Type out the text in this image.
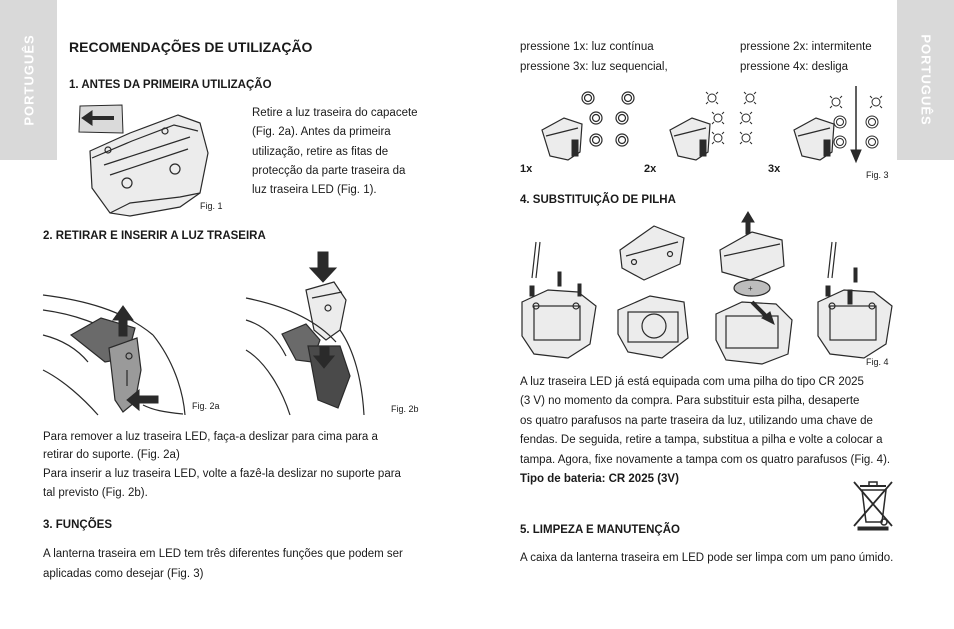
PORTUGUÊS	PORTUGUÊS
RECOMENDAÇÕES DE UTILIZAÇÃO
1. ANTES DA PRIMEIRA UTILIZAÇÃO
Retire a luz traseira do capacete
(Fig. 2a). Antes da primeira
utilização, retire as fitas de
protecção da parte traseira da
luz traseira LED (Fig. 1).
Fig. 1
2. RETIRAR E INSERIR A LUZ TRASEIRA
Fig. 2a	Fig. 2b
Para remover a luz traseira LED, faça-a deslizar para cima para a
retirar do suporte. (Fig. 2a)
Para inserir a luz traseira LED, volte a fazê-la deslizar no suporte para
tal previsto (Fig. 2b).
3. FUNÇÕES
A lanterna traseira em LED tem três diferentes funções que podem ser
aplicadas como desejar (Fig. 3)
pressione 1x: luz contínua	pressione 2x: intermitente
pressione 3x: luz sequencial,	pressione 4x: desliga
1x	2x	3x	Fig. 3
4. SUBSTITUIÇÃO DE PILHA
+
Fig. 4
A luz traseira LED já está equipada com uma pilha do tipo CR 2025
(3 V) no momento da compra. Para substituir esta pilha, desaperte
os quatro parafusos na parte traseira da luz, utilizando uma chave de
fendas. De seguida, retire a tampa, substitua a pilha e volte a colocar a
tampa. Agora, fixe novamente a tampa com os quatro parafusos (Fig. 4).
Tipo de bateria: CR 2025 (3V)
5. LIMPEZA E MANUTENÇÃO
A caixa da lanterna traseira em LED pode ser limpa com um pano úmido.
